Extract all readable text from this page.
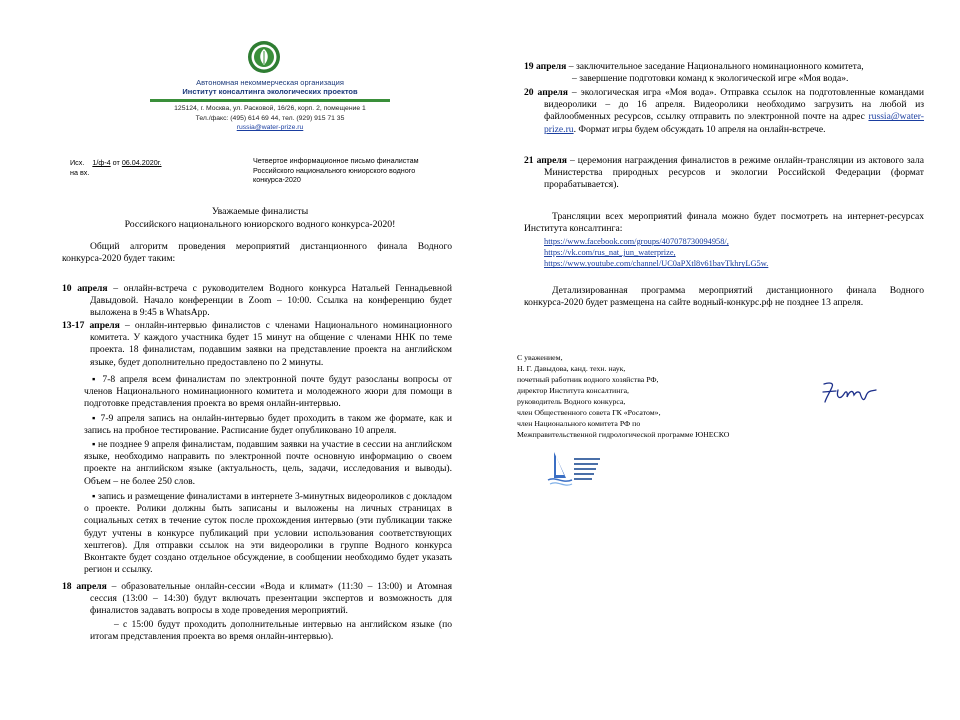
Автономная некоммерческая организация
Институт консалтинга экологических проектов
125124, г. Москва, ул. Расковой, 16/26, корп. 2, помещение 1
Тел./факс: (495) 614 69 44, тел. (929) 915 71 35
russia@water-prize.ru
Исх. 1/ф-4 от 06.04.2020г.
на вх.
Четвертое информационное письмо финалистам
Российского национального юниорского водного
конкурса-2020
Уважаемые финалисты
Российского национального юниорского водного конкурса-2020!
Общий алгоритм проведения мероприятий дистанционного финала Водного конкурса-2020 будет таким:
10 апреля – онлайн-встреча с руководителем Водного конкурса Натальей Геннадьевной Давыдовой. Начало конференции в Zoom – 10:00. Ссылка на конференцию будет выложена в 9:45 в WhatsApp.
13-17 апреля – онлайн-интервью финалистов с членами Национального номинационного комитета. У каждого участника будет 15 минут на общение с членами ННК по теме проекта. 18 финалистам, подавшим заявки на представление проекта на английском языке, будет дополнительно предоставлено по 2 минуты.
▪ 7-8 апреля всем финалистам по электронной почте будут разосланы вопросы от членов Национального номинационного комитета и молодежного жюри для помощи в подготовке представления проекта во время онлайн-интервью.
▪ 7-9 апреля запись на онлайн-интервью будет проходить в таком же формате, как и запись на пробное тестирование. Расписание будет опубликовано 10 апреля.
▪ не позднее 9 апреля финалистам, подавшим заявки на участие в сессии на английском языке, необходимо направить по электронной почте основную информацию о своем проекте на английском языке (актуальность, цель, задачи, исследования и выводы). Объем – не более 250 слов.
▪ запись и размещение финалистами в интернете 3-минутных видеороликов с докладом о проекте. Ролики должны быть записаны и выложены на личных страницах в социальных сетях в течение суток после прохождения интервью (эти публикации также будут учтены в конкурсе публикаций при условии использования соответствующих хештегов). Для отправки ссылок на эти видеоролики в группе Водного конкурса Вконтакте будет создано отдельное обсуждение, в сообщении необходимо будет указать регион и ссылку.
18 апреля – образовательные онлайн-сессии «Вода и климат» (11:30 – 13:00) и Атомная сессия (13:00 – 14:30) будут включать презентации экспертов и возможность для финалистов задавать вопросы в ходе проведения мероприятий.
– с 15:00 будут проходить дополнительные интервью на английском языке (по итогам представления проекта во время онлайн-интервью).
19 апреля – заключительное заседание Национального номинационного комитета,
– завершение подготовки команд к экологической игре «Моя вода».
20 апреля – экологическая игра «Моя вода». Отправка ссылок на подготовленные командами видеоролики – до 16 апреля. Видеоролики необходимо загрузить на любой из файлообменных ресурсов, ссылку отправить по электронной почте на адрес russia@water-prize.ru. Формат игры будем обсуждать 10 апреля на онлайн-встрече.
21 апреля – церемония награждения финалистов в режиме онлайн-трансляции из актового зала Министерства природных ресурсов и экологии Российской Федерации (формат прорабатывается).
Трансляции всех мероприятий финала можно будет посмотреть на интернет-ресурсах Института консалтинга:
https://www.facebook.com/groups/407078730094958/,
https://vk.com/rus_nat_jun_waterprize,
https://www.youtube.com/channel/UC0aPXtl8v61bavTkhryLG5w.
Детализированная программа мероприятий дистанционного финала Водного конкурса-2020 будет размещена на сайте водный-конкурс.рф не позднее 13 апреля.
С уважением,
Н. Г. Давыдова, канд. техн. наук,
почетный работник водного хозяйства РФ,
директор Института консалтинга,
руководитель Водного конкурса,
член Общественного совета ГК «Росатом»,
член Национального комитета РФ по
Межправительственной гидрологической программе ЮНЕСКО
